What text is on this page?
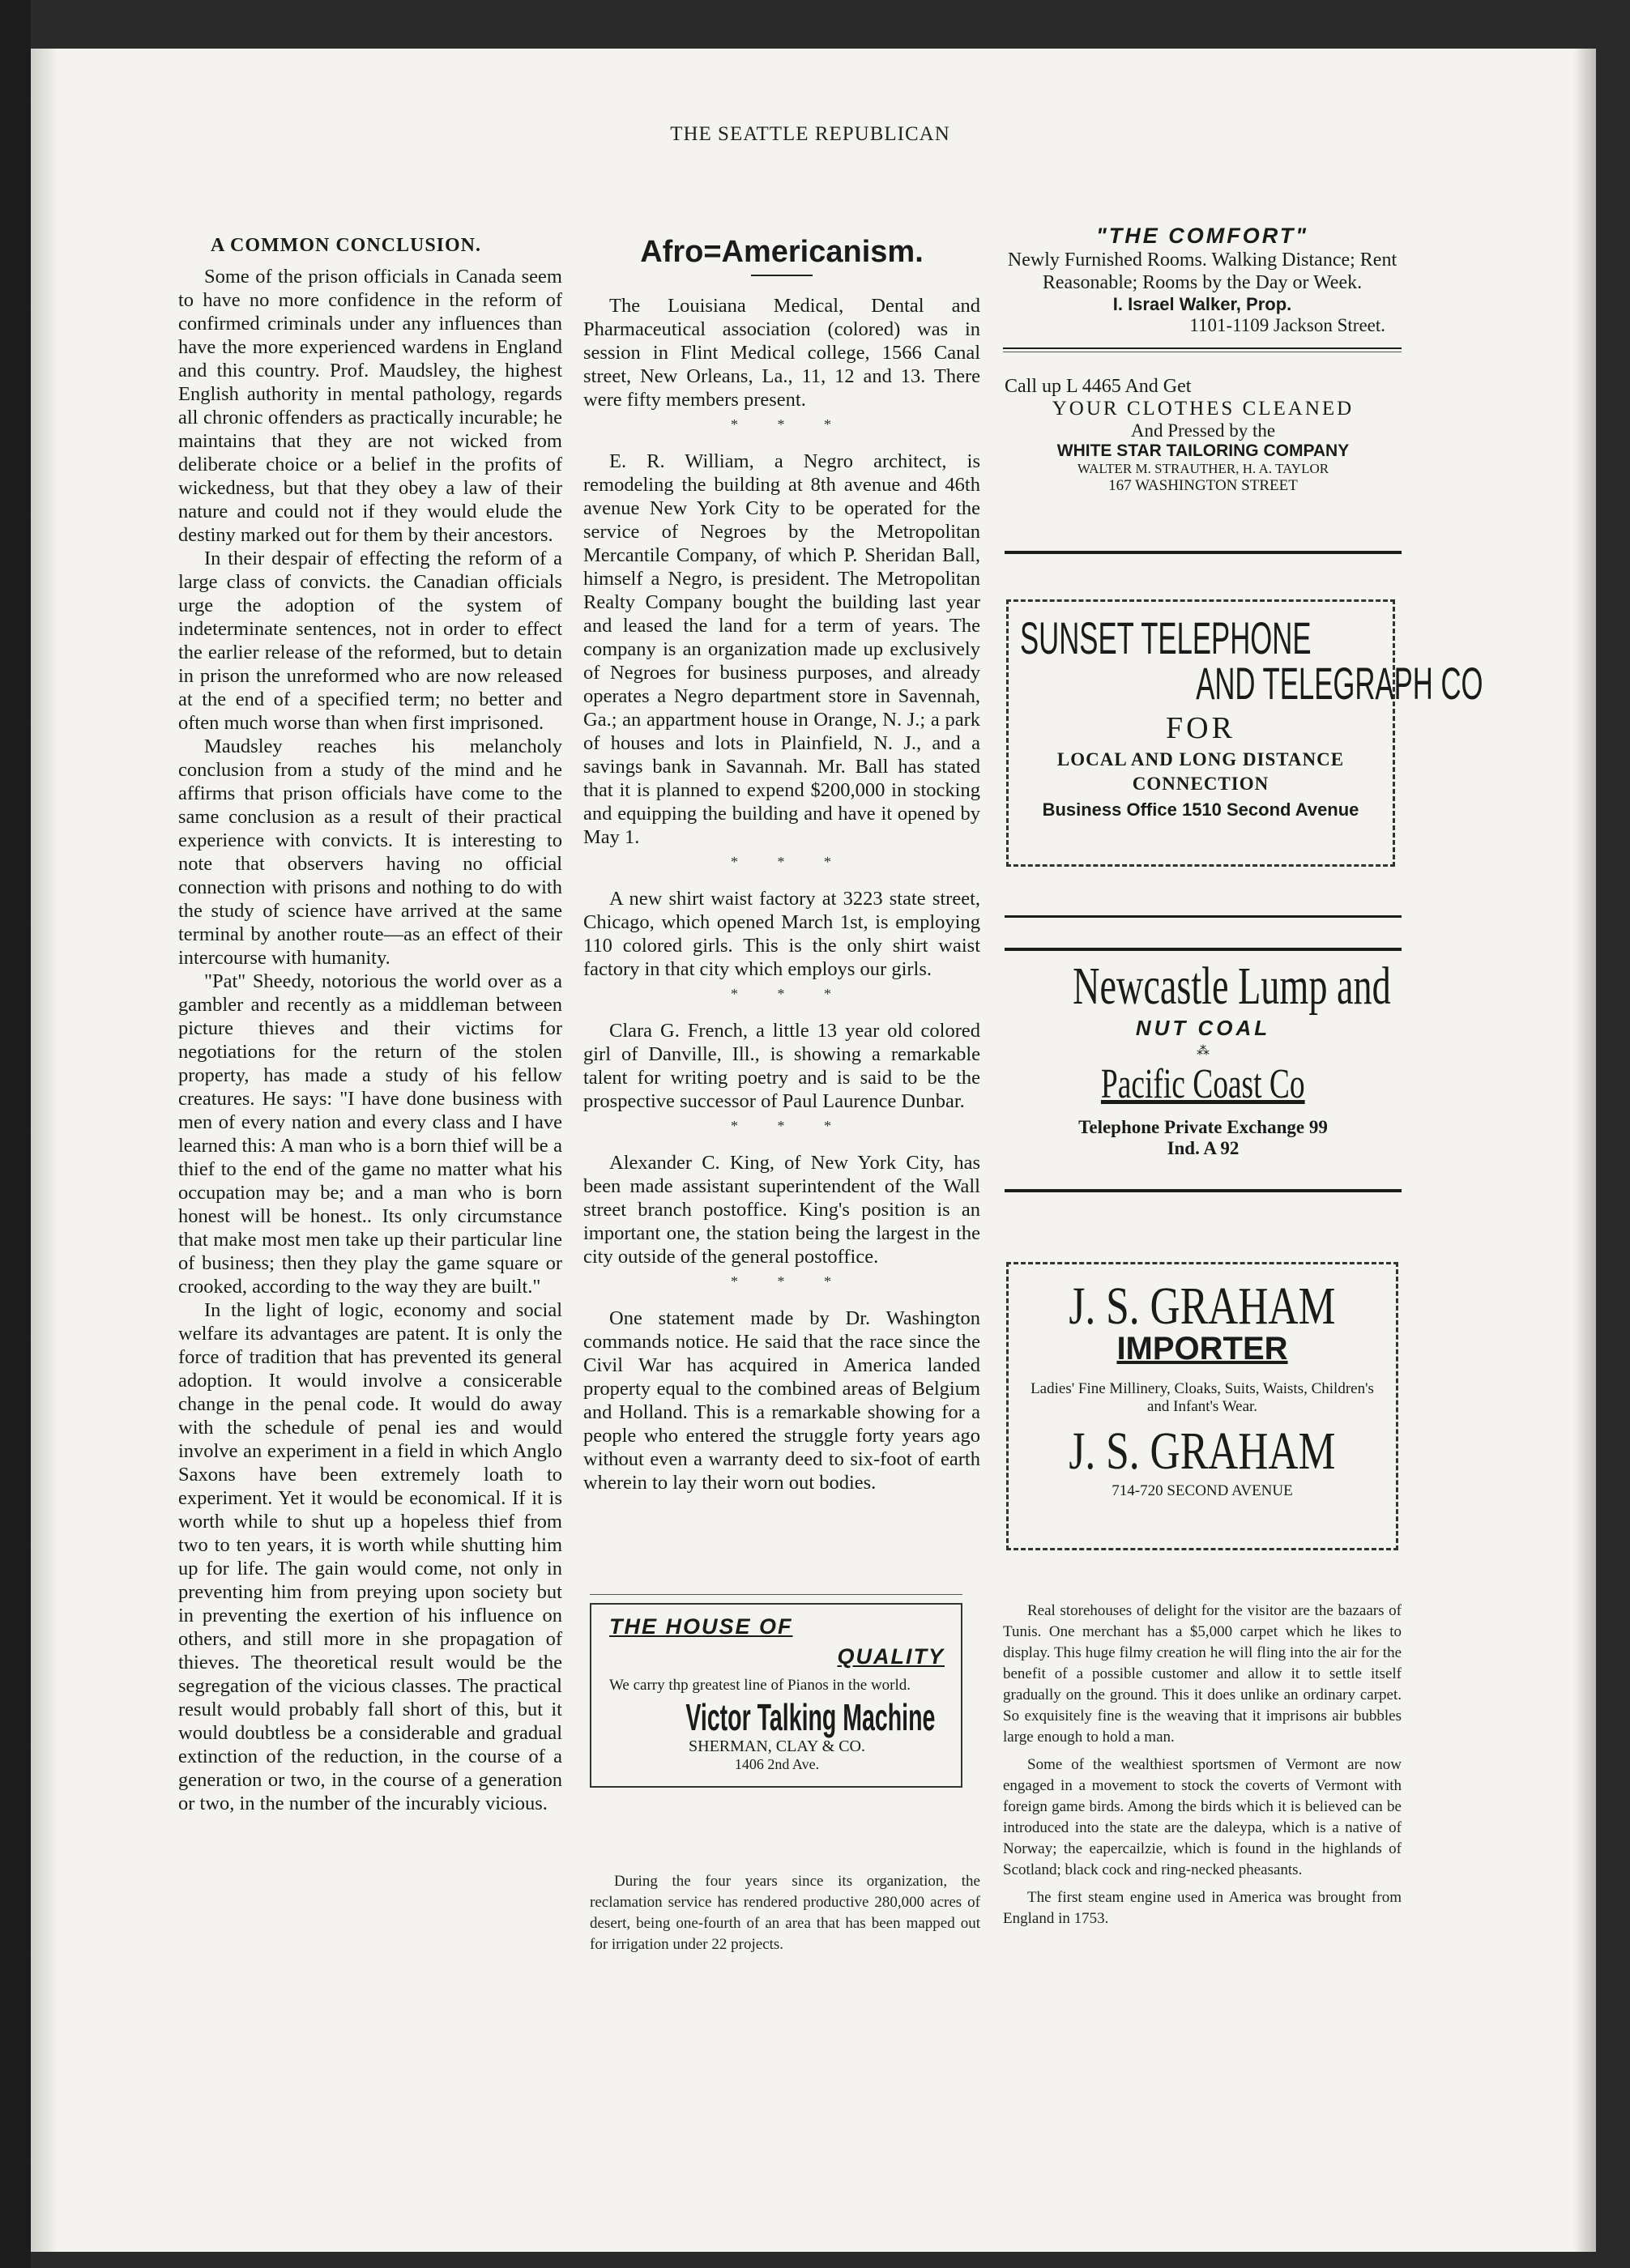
THE SEATTLE REPUBLICAN
A COMMON CONCLUSION.

Some of the prison officials in Canada seem to have no more confidence in the reform of confirmed criminals under any influences than have the more experienced wardens in England and this country. Prof. Maudsley, the highest English authority in mental pathology, regards all chronic offenders as practically incurable; he maintains that they are not wicked from deliberate choice or a belief in the profits of wickedness, but that they obey a law of their nature and could not if they would elude the destiny marked out for them by their ancestors.

In their despair of effecting the reform of a large class of convicts. the Canadian officials urge the adoption of the system of indeterminate sentences, not in order to effect the earlier release of the reformed, but to detain in prison the unreformed who are now released at the end of a specified term; no better and often much worse than when first imprisoned.

Maudsley reaches his melancholy conclusion from a study of the mind and he affirms that prison officials have come to the same conclusion as a result of their practical experience with convicts. It is interesting to note that observers having no official connection with prisons and nothing to do with the study of science have arrived at the same terminal by another route—as an effect of their intercourse with humanity.

"Pat" Sheedy, notorious the world over as a gambler and recently as a middleman between picture thieves and their victims for negotiations for the return of the stolen property, has made a study of his fellow creatures. He says: "I have done business with men of every nation and every class and I have learned this: A man who is a born thief will be a thief to the end of the game no matter what his occupation may be; and a man who is born honest will be honest.. Its only circumstance that make most men take up their particular line of business; then they play the game square or crooked, according to the way they are built."

In the light of logic, economy and social welfare its advantages are patent. It is only the force of tradition that has prevented its general adoption. It would involve a consicerable change in the penal code. It would do away with the schedule of penal ies and would involve an experiment in a field in which Anglo Saxons have been extremely loath to experiment. Yet it would be economical. If it is worth while to shut up a hopeless thief from two to ten years, it is worth while shutting him up for life. The gain would come, not only in preventing him from preying upon society but in preventing the exertion of his influence on others, and still more in she propagation of thieves. The theoretical result would be the segregation of the vicious classes. The practical result would probably fall short of this, but it would doubtless be a considerable and gradual extinction of the reduction, in the course of a generation or two, in the course of a generation or two, in the number of the incurably vicious.

Afro=Americanism.

The Louisiana Medical, Dental and Pharmaceutical association (colored) was in session in Flint Medical college, 1566 Canal street, New Orleans, La., 11, 12 and 13. There were fifty members present.

* * *

E. R. William, a Negro architect, is remodeling the building at 8th avenue and 46th avenue New York City to be operated for the service of Negroes by the Metropolitan Mercantile Company, of which P. Sheridan Ball, himself a Negro, is president. The Metropolitan Realty Company bought the building last year and leased the land for a term of years. The company is an organization made up exclusively of Negroes for business purposes, and already operates a Negro department store in Savennah, Ga.; an appartment house in Orange, N. J.; a park of houses and lots in Plainfield, N. J., and a savings bank in Savannah. Mr. Ball has stated that it is planned to expend $200,000 in stocking and equipping the building and have it opened by May 1.

* * *

A new shirt waist factory at 3223 state street, Chicago, which opened March 1st, is employing 110 colored girls. This is the only shirt waist factory in that city which employs our girls.

* * *

Clara G. French, a little 13 year old colored girl of Danville, Ill., is showing a remarkable talent for writing poetry and is said to be the prospective successor of Paul Laurence Dunbar.

* * *

Alexander C. King, of New York City, has been made assistant superintendent of the Wall street branch postoffice. King's position is an important one, the station being the largest in the city outside of the general postoffice.

* * *

One statement made by Dr. Washington commands notice. He said that the race since the Civil War has acquired in America landed property equal to the combined areas of Belgium and Holland. This is a remarkable showing for a people who entered the struggle forty years ago without even a warranty deed to six-foot of earth wherein to lay their worn out bodies.

THE HOUSE OF
QUALITY
We carry thp greatest line of Pianos in the world.
Victor Talking Machine
SHERMAN, CLAY & CO.
1406 2nd Ave.

During the four years since its organization, the reclamation service has rendered productive 280,000 acres of desert, being one-fourth of an area that has been mapped out for irrigation under 22 projects.

"THE COMFORT"
Newly Furnished Rooms. Walking Distance; Rent Reasonable; Rooms by the Day or Week.
I. Israel Walker, Prop.
1101-1109 Jackson Street.
Call up L 4465 And Get
YOUR CLOTHES CLEANED
And Pressed by the
WHITE STAR TAILORING COMPANY
WALTER M. STRAUTHER, H. A. TAYLOR
167 WASHINGTON STREET
SUNSET TELEPHONE
AND TELEGRAPH CO
FOR
LOCAL AND LONG DISTANCE
CONNECTION
Business Office 1510 Second Avenue
Newcastle Lump and
NUT COAL
⁂
Pacific Coast Co
Telephone Private Exchange 99
Ind. A 92
J. S. GRAHAM
IMPORTER
Ladies' Fine Millinery, Cloaks, Suits, Waists, Children's and Infant's Wear.
J. S. GRAHAM
714-720 SECOND AVENUE

Real storehouses of delight for the visitor are the bazaars of Tunis. One merchant has a $5,000 carpet which he likes to display. This huge filmy creation he will fling into the air for the benefit of a possible customer and allow it to settle itself gradually on the ground. This it does unlike an ordinary carpet. So exquisitely fine is the weaving that it imprisons air bubbles large enough to hold a man.

Some of the wealthiest sportsmen of Vermont are now engaged in a movement to stock the coverts of Vermont with foreign game birds. Among the birds which it is believed can be introduced into the state are the daleypa, which is a native of Norway; the eapercailzie, which is found in the highlands of Scotland; black cock and ring-necked pheasants.

The first steam engine used in America was brought from England in 1753.
